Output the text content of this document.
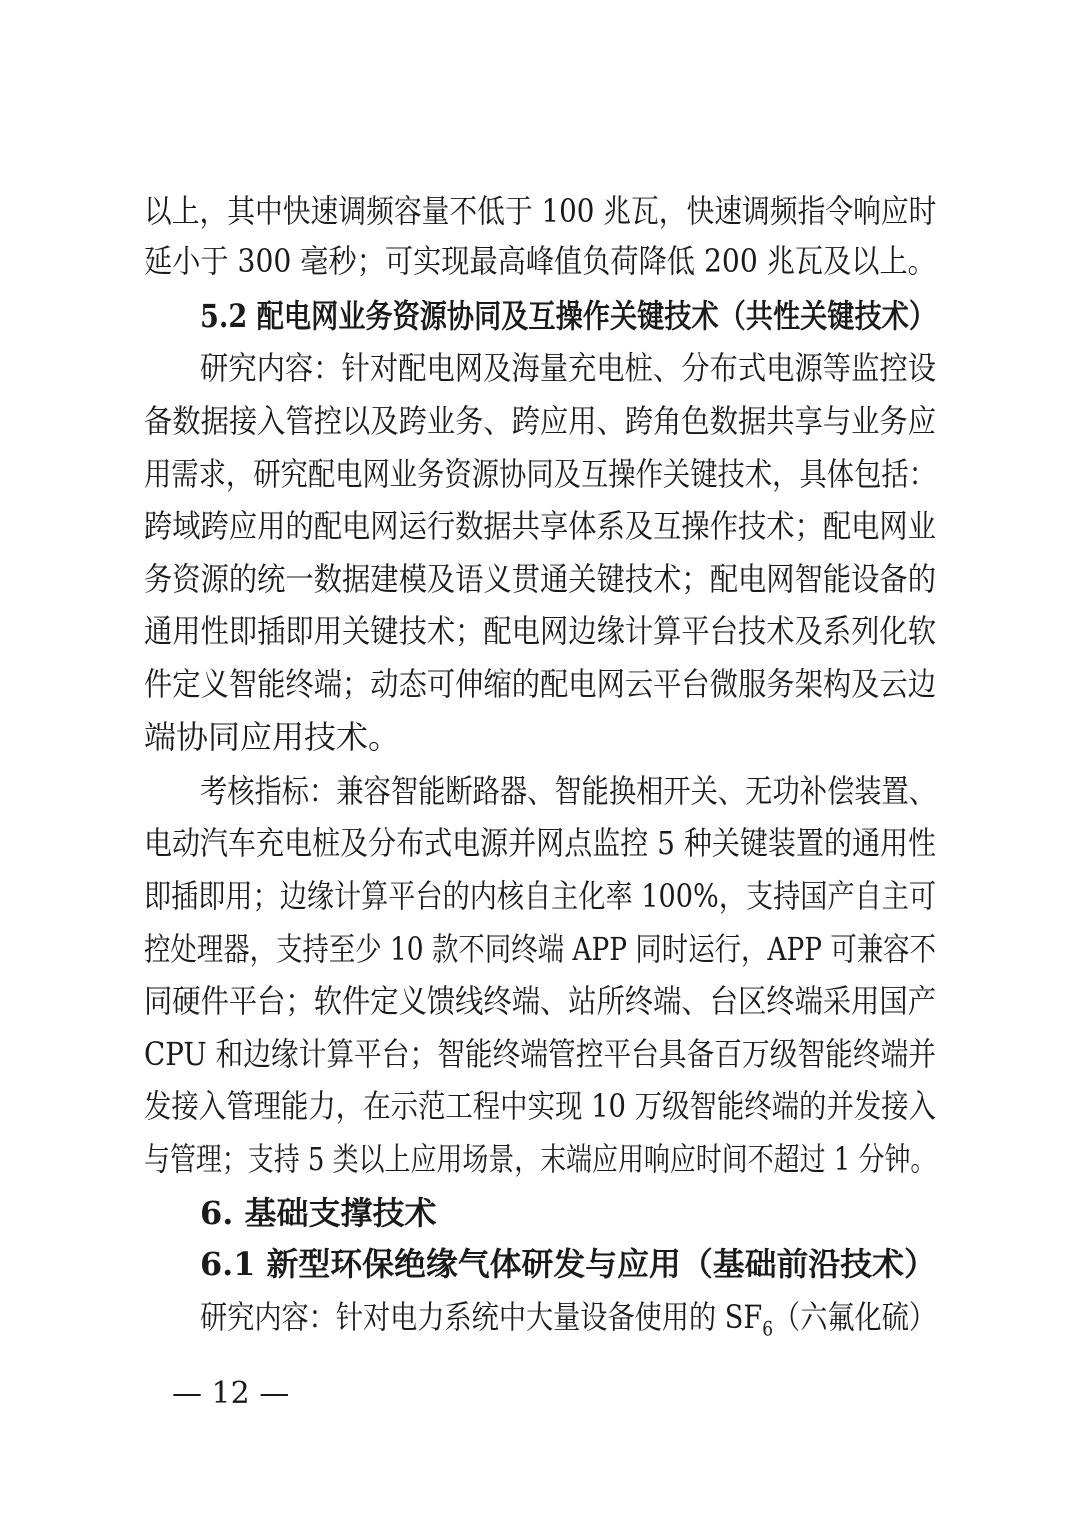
以上，其中快速调频容量不低于 100 兆瓦，快速调频指令响应时
延小于 300 毫秒；可实现最高峰值负荷降低 200 兆瓦及以上。
5.2 配电网业务资源协同及互操作关键技术（共性关键技术）
研究内容：针对配电网及海量充电桩、分布式电源等监控设
备数据接入管控以及跨业务、跨应用、跨角色数据共享与业务应
用需求，研究配电网业务资源协同及互操作关键技术，具体包括：
跨域跨应用的配电网运行数据共享体系及互操作技术；配电网业
务资源的统一数据建模及语义贯通关键技术；配电网智能设备的
通用性即插即用关键技术；配电网边缘计算平台技术及系列化软
件定义智能终端；动态可伸缩的配电网云平台微服务架构及云边
端协同应用技术。
考核指标：兼容智能断路器、智能换相开关、无功补偿装置、
电动汽车充电桩及分布式电源并网点监控 5 种关键装置的通用性
即插即用；边缘计算平台的内核自主化率 100%，支持国产自主可
控处理器，支持至少 10 款不同终端 APP 同时运行，APP 可兼容不
同硬件平台；软件定义馈线终端、站所终端、台区终端采用国产
CPU 和边缘计算平台；智能终端管控平台具备百万级智能终端并
发接入管理能力，在示范工程中实现 10 万级智能终端的并发接入
与管理；支持 5 类以上应用场景，末端应用响应时间不超过 1 分钟。
6. 基础支撑技术
6.1 新型环保绝缘气体研发与应用（基础前沿技术）
研究内容：针对电力系统中大量设备使用的 $SF_6$（六氟化硫）
— 12 —
